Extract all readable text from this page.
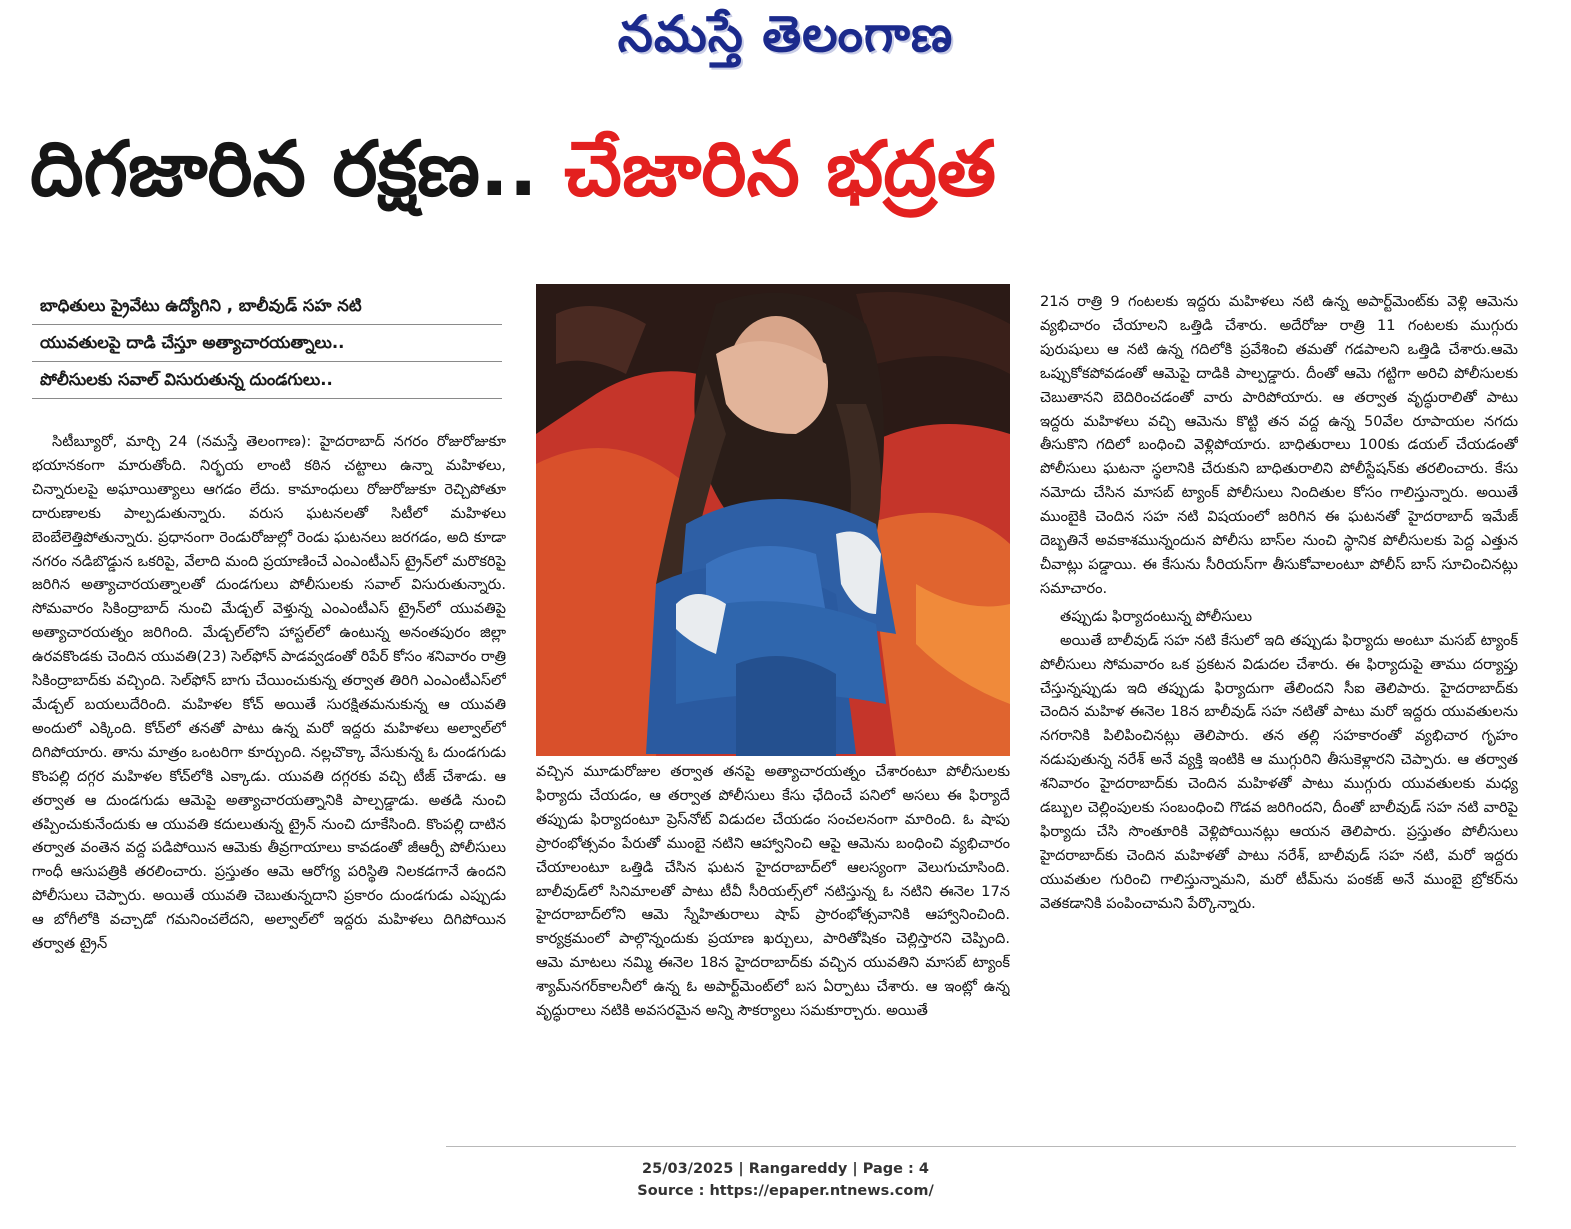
నమస్తే తెలంగాణ
దిగజారిన రక్షణ.. చేజారిన భద్రత
బాధితులు ప్రైవేటు ఉద్యోగిని , బాలీవుడ్ సహ నటి
యువతులపై దాడి చేస్తూ అత్యాచారయత్నాలు..
పోలీసులకు సవాల్ విసురుతున్న దుండగులు..

సిటీబ్యూరో, మార్చి 24 (నమస్తే తెలంగాణ): హైదరాబాద్ నగరం రోజురోజుకూ భయానకంగా మారుతోంది. నిర్భయ లాంటి కఠిన చట్టాలు ఉన్నా మహిళలు, చిన్నారులపై అఘాయిత్యాలు ఆగడం లేదు. కామాంధులు రోజురోజుకూ రెచ్చిపోతూ దారుణాలకు పాల్పడుతున్నారు. వరుస ఘటనలతో సిటీలో మహిళలు బెంబేలెత్తిపోతున్నారు. ప్రధానంగా రెండురోజుల్లో రెండు ఘటనలు జరగడం, అది కూడా నగరం నడిబొడ్డున ఒకరిపై, వేలాది మంది ప్రయాణించే ఎంఎంటీఎస్ ట్రైన్‌లో మరొకరిపై జరిగిన అత్యాచారయత్నాలతో దుండగులు పోలీసులకు సవాల్ విసురుతున్నారు. సోమవారం సికింద్రాబాద్ నుంచి మేడ్చల్ వెళ్తున్న ఎంఎంటీఎస్ ట్రైన్‌లో యువతిపై అత్యాచారయత్నం జరిగింది. మేడ్చల్‌లోని హాస్టల్‌లో ఉంటున్న అనంతపురం జిల్లా ఉరవకొండకు చెందిన యువతి(23) సెల్‌ఫోన్ పాడవ్వడంతో రిపేర్ కోసం శనివారం రాత్రి సికింద్రాబాద్‌కు వచ్చింది. సెల్‌ఫోన్ బాగు చేయించుకున్న తర్వాత తిరిగి ఎంఎంటీఎస్‌లో మేడ్చల్ బయలుదేరింది. మహిళల కోచ్ అయితే సురక్షితమనుకున్న ఆ యువతి అందులో ఎక్కింది. కోచ్‌లో తనతో పాటు ఉన్న మరో ఇద్దరు మహిళలు అల్వాల్‌లో దిగిపోయారు. తాను మాత్రం ఒంటరిగా కూర్చుంది. నల్లచొక్కా వేసుకున్న ఓ దుండగుడు కొంపల్లి దగ్గర మహిళల కోచ్‌లోకి ఎక్కాడు. యువతి దగ్గరకు వచ్చి టీజ్ చేశాడు. ఆ తర్వాత ఆ దుండగుడు ఆమెపై అత్యాచారయత్నానికి పాల్పడ్డాడు. అతడి నుంచి తప్పించుకునేందుకు ఆ యువతి కదులుతున్న ట్రైన్ నుంచి దూకేసింది. కొంపల్లి దాటిన తర్వాత వంతెన వద్ద పడిపోయిన ఆమెకు తీవ్రగాయాలు కావడంతో జీఆర్పీ పోలీసులు గాంధీ ఆసుపత్రికి తరలించారు. ప్రస్తుతం ఆమె ఆరోగ్య పరిస్థితి నిలకడగానే ఉందని పోలీసులు చెప్పారు. అయితే యువతి చెబుతున్నదాని ప్రకారం దుండగుడు ఎప్పుడు ఆ బోగీలోకి వచ్చాడో గమనించలేదని, అల్వాల్‌లో ఇద్దరు మహిళలు దిగిపోయిన తర్వాత ట్రైన్

వచ్చిన మూడురోజుల తర్వాత తనపై అత్యాచారయత్నం చేశారంటూ పోలీసులకు ఫిర్యాదు చేయడం, ఆ తర్వాత పోలీసులు కేసు ఛేదించే పనిలో అసలు ఈ ఫిర్యాదే తప్పుడు ఫిర్యాదంటూ ప్రెస్‌నోట్ విడుదల చేయడం సంచలనంగా మారింది. ఓ షాపు ప్రారంభోత్సవం పేరుతో ముంబై నటిని ఆహ్వానించి ఆపై ఆమెను బంధించి వ్యభిచారం చేయాలంటూ ఒత్తిడి చేసిన ఘటన హైదరాబాద్‌లో ఆలస్యంగా వెలుగుచూసింది. బాలీవుడ్‌లో సినిమాలతో పాటు టీవీ సీరియల్స్‌లో నటిస్తున్న ఓ నటిని ఈనెల 17న హైదరాబాద్‌లోని ఆమె స్నేహితురాలు షాప్ ప్రారంభోత్సవానికి ఆహ్వానించింది. కార్యక్రమంలో పాల్గొన్నందుకు ప్రయాణ ఖర్చులు, పారితోషికం చెల్లిస్తారని చెప్పింది. ఆమె మాటలు నమ్మి ఈనెల 18న హైదరాబాద్‌కు వచ్చిన యువతిని మాసబ్ ట్యాంక్ శ్యామ్‌నగర్‌కాలనీలో ఉన్న ఓ అపార్ట్‌మెంట్‌లో బస ఏర్పాటు చేశారు. ఆ ఇంట్లో ఉన్న వృద్ధురాలు నటికి అవసరమైన అన్ని సౌకర్యాలు సమకూర్చారు. అయితే

21న రాత్రి 9 గంటలకు ఇద్దరు మహిళలు నటి ఉన్న అపార్ట్‌మెంట్‌కు వెళ్లి ఆమెను వ్యభిచారం చేయాలని ఒత్తిడి చేశారు. అదేరోజు రాత్రి 11 గంటలకు ముగ్గురు పురుషులు ఆ నటి ఉన్న గదిలోకి ప్రవేశించి తమతో గడపాలని ఒత్తిడి చేశారు.ఆమె ఒప్పుకోకపోవడంతో ఆమెపై దాడికి పాల్పడ్డారు. దీంతో ఆమె గట్టిగా అరిచి పోలీసులకు చెబుతానని బెదిరించడంతో వారు పారిపోయారు. ఆ తర్వాత వృద్ధురాలితో పాటు ఇద్దరు మహిళలు వచ్చి ఆమెను కొట్టి తన వద్ద ఉన్న 50వేల రూపాయల నగదు తీసుకొని గదిలో బంధించి వెళ్లిపోయారు. బాధితురాలు 100కు డయల్ చేయడంతో పోలీసులు ఘటనా స్థలానికి చేరుకుని బాధితురాలిని పోలీస్టేషన్‌కు తరలించారు. కేసు నమోదు చేసిన మాసబ్ ట్యాంక్ పోలీసులు నిందితుల కోసం గాలిస్తున్నారు. అయితే ముంబైకి చెందిన సహ నటి విషయంలో జరిగిన ఈ ఘటనతో హైదరాబాద్ ఇమేజ్ దెబ్బతినే అవకాశమున్నందున పోలీసు బాస్‌ల నుంచి స్థానిక పోలీసులకు పెద్ద ఎత్తున చీవాట్లు పడ్డాయి. ఈ కేసును సీరియస్‌గా తీసుకోవాలంటూ పోలీస్ బాస్ సూచించినట్లు సమాచారం.

తప్పుడు ఫిర్యాదంటున్న పోలీసులు

అయితే బాలీవుడ్ సహ నటి కేసులో ఇది తప్పుడు ఫిర్యాదు అంటూ మసబ్ ట్యాంక్ పోలీసులు సోమవారం ఒక ప్రకటన విడుదల చేశారు. ఈ ఫిర్యాదుపై తాము దర్యాప్తు చేస్తున్నప్పుడు ఇది తప్పుడు ఫిర్యాదుగా తేలిందని సీఐ తెలిపారు. హైదరాబాద్‌కు చెందిన మహిళ ఈనెల 18న బాలీవుడ్ సహ నటితో పాటు మరో ఇద్దరు యువతులను నగరానికి పిలిపించినట్లు తెలిపారు. తన తల్లి సహకారంతో వ్యభిచార గృహం నడుపుతున్న నరేశ్ అనే వ్యక్తి ఇంటికి ఆ ముగ్గురిని తీసుకెళ్లారని చెప్పారు. ఆ తర్వాత శనివారం హైదరాబాద్‌కు చెందిన మహిళతో పాటు ముగ్గురు యువతులకు మధ్య డబ్బుల చెల్లింపులకు సంబంధించి గొడవ జరిగిందని, దీంతో బాలీవుడ్ సహ నటి వారిపై ఫిర్యాదు చేసి సొంతూరికి వెళ్లిపోయినట్లు ఆయన తెలిపారు. ప్రస్తుతం పోలీసులు హైదరాబాద్‌కు చెందిన మహిళతో పాటు నరేశ్, బాలీవుడ్ సహ నటి, మరో ఇద్దరు యువతుల గురించి గాలిస్తున్నామని, మరో టీమ్‌ను పంకజ్ అనే ముంబై బ్రోకర్‌ను వెతకడానికి పంపించామని పేర్కొన్నారు.

25/03/2025 | Rangareddy | Page : 4
Source : https://epaper.ntnews.com/
